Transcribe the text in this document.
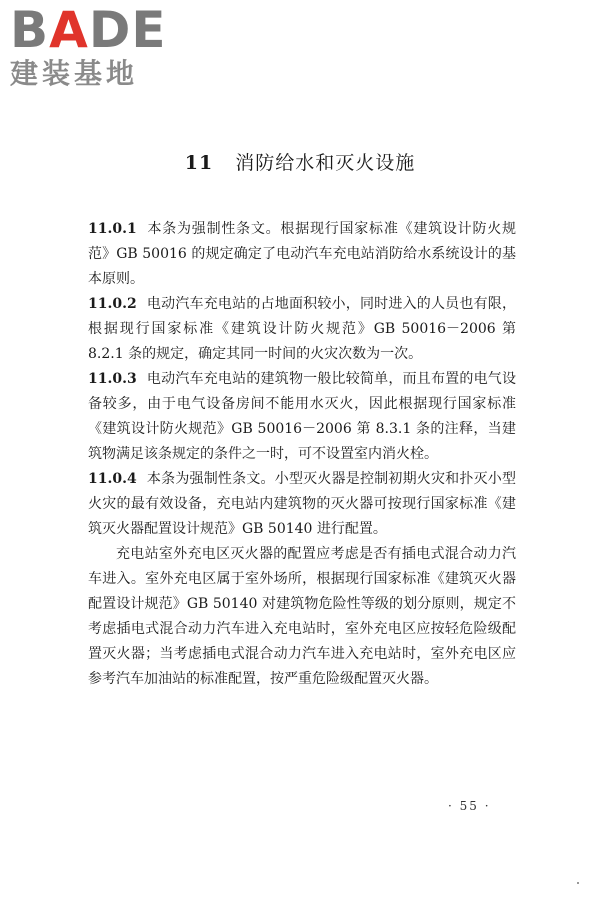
BADE
建装基地
11 消防给水和灭火设施

11.0.1 本条为强制性条文。根据现行国家标准《建筑设计防火规范》GB 50016 的规定确定了电动汽车充电站消防给水系统设计的基本原则。

11.0.2 电动汽车充电站的占地面积较小，同时进入的人员也有限，根据现行国家标准《建筑设计防火规范》GB 50016－2006 第 8.2.1 条的规定，确定其同一时间的火灾次数为一次。

11.0.3 电动汽车充电站的建筑物一般比较简单，而且布置的电气设备较多，由于电气设备房间不能用水灭火，因此根据现行国家标准《建筑设计防火规范》GB 50016－2006 第 8.3.1 条的注释，当建筑物满足该条规定的条件之一时，可不设置室内消火栓。

11.0.4 本条为强制性条文。小型灭火器是控制初期火灾和扑灭小型火灾的最有效设备，充电站内建筑物的灭火器可按现行国家标准《建筑灭火器配置设计规范》GB 50140 进行配置。

充电站室外充电区灭火器的配置应考虑是否有插电式混合动力汽车进入。室外充电区属于室外场所，根据现行国家标准《建筑灭火器配置设计规范》GB 50140 对建筑物危险性等级的划分原则，规定不考虑插电式混合动力汽车进入充电站时，室外充电区应按轻危险级配置灭火器；当考虑插电式混合动力汽车进入充电站时，室外充电区应参考汽车加油站的标准配置，按严重危险级配置灭火器。

· 55 ·
